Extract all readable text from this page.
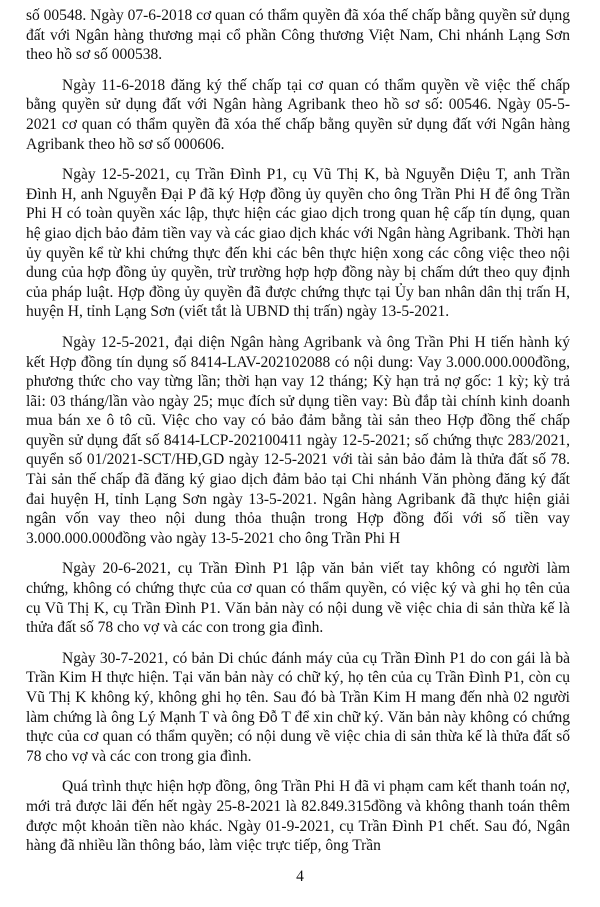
số 00548. Ngày 07-6-2018 cơ quan có thẩm quyền đã xóa thế chấp bằng quyền sử dụng đất với Ngân hàng thương mại cổ phần Công thương Việt Nam, Chi nhánh Lạng Sơn theo hồ sơ số 000538.

Ngày 11-6-2018 đăng ký thế chấp tại cơ quan có thẩm quyền về việc thế chấp bằng quyền sử dụng đất với Ngân hàng Agribank theo hồ sơ số: 00546. Ngày 05-5-2021 cơ quan có thẩm quyền đã xóa thế chấp bằng quyền sử dụng đất với Ngân hàng Agribank theo hồ sơ số 000606.

Ngày 12-5-2021, cụ Trần Đình P1, cụ Vũ Thị K, bà Nguyễn Diệu T, anh Trần Đình H, anh Nguyễn Đại P đã ký Hợp đồng ủy quyền cho ông Trần Phi H để ông Trần Phi H có toàn quyền xác lập, thực hiện các giao dịch trong quan hệ cấp tín dụng, quan hệ giao dịch bảo đảm tiền vay và các giao dịch khác với Ngân hàng Agribank. Thời hạn ủy quyền kể từ khi chứng thực đến khi các bên thực hiện xong các công việc theo nội dung của hợp đồng ủy quyền, trừ trường hợp hợp đồng này bị chấm dứt theo quy định của pháp luật. Hợp đồng ủy quyền đã được chứng thực tại Ủy ban nhân dân thị trấn H, huyện H, tỉnh Lạng Sơn (viết tắt là UBND thị trấn) ngày 13-5-2021.

Ngày 12-5-2021, đại diện Ngân hàng Agribank và ông Trần Phi H tiến hành ký kết Hợp đồng tín dụng số 8414-LAV-202102088 có nội dung: Vay 3.000.000.000đồng, phương thức cho vay từng lần; thời hạn vay 12 tháng; Kỳ hạn trả nợ gốc: 1 kỳ; kỳ trả lãi: 03 tháng/lần vào ngày 25; mục đích sử dụng tiền vay: Bù đắp tài chính kinh doanh mua bán xe ô tô cũ. Việc cho vay có bảo đảm bằng tài sản theo Hợp đồng thế chấp quyền sử dụng đất số 8414-LCP-202100411 ngày 12-5-2021; số chứng thực 283/2021, quyển số 01/2021-SCT/HĐ,GD ngày 12-5-2021 với tài sản bảo đảm là thửa đất số 78. Tài sản thế chấp đã đăng ký giao dịch đảm bảo tại Chi nhánh Văn phòng đăng ký đất đai huyện H, tỉnh Lạng Sơn ngày 13-5-2021. Ngân hàng Agribank đã thực hiện giải ngân vốn vay theo nội dung thỏa thuận trong Hợp đồng đối với số tiền vay 3.000.000.000đồng vào ngày 13-5-2021 cho ông Trần Phi H

Ngày 20-6-2021, cụ Trần Đình P1 lập văn bản viết tay không có người làm chứng, không có chứng thực của cơ quan có thẩm quyền, có việc ký và ghi họ tên của cụ Vũ Thị K, cụ Trần Đình P1. Văn bản này có nội dung về việc chia di sản thừa kế là thửa đất số 78 cho vợ và các con trong gia đình.

Ngày 30-7-2021, có bản Di chúc đánh máy của cụ Trần Đình P1 do con gái là bà Trần Kim H thực hiện. Tại văn bản này có chữ ký, họ tên của cụ Trần Đình P1, còn cụ Vũ Thị K không ký, không ghi họ tên. Sau đó bà Trần Kim H mang đến nhà 02 người làm chứng là ông Lý Mạnh T và ông Đỗ T để xin chữ ký. Văn bản này không có chứng thực của cơ quan có thẩm quyền; có nội dung về việc chia di sản thừa kế là thửa đất số 78 cho vợ và các con trong gia đình.

Quá trình thực hiện hợp đồng, ông Trần Phi H đã vi phạm cam kết thanh toán nợ, mới trả được lãi đến hết ngày 25-8-2021 là 82.849.315đồng và không thanh toán thêm được một khoản tiền nào khác. Ngày 01-9-2021, cụ Trần Đình P1 chết. Sau đó, Ngân hàng đã nhiều lần thông báo, làm việc trực tiếp, ông Trần

4
